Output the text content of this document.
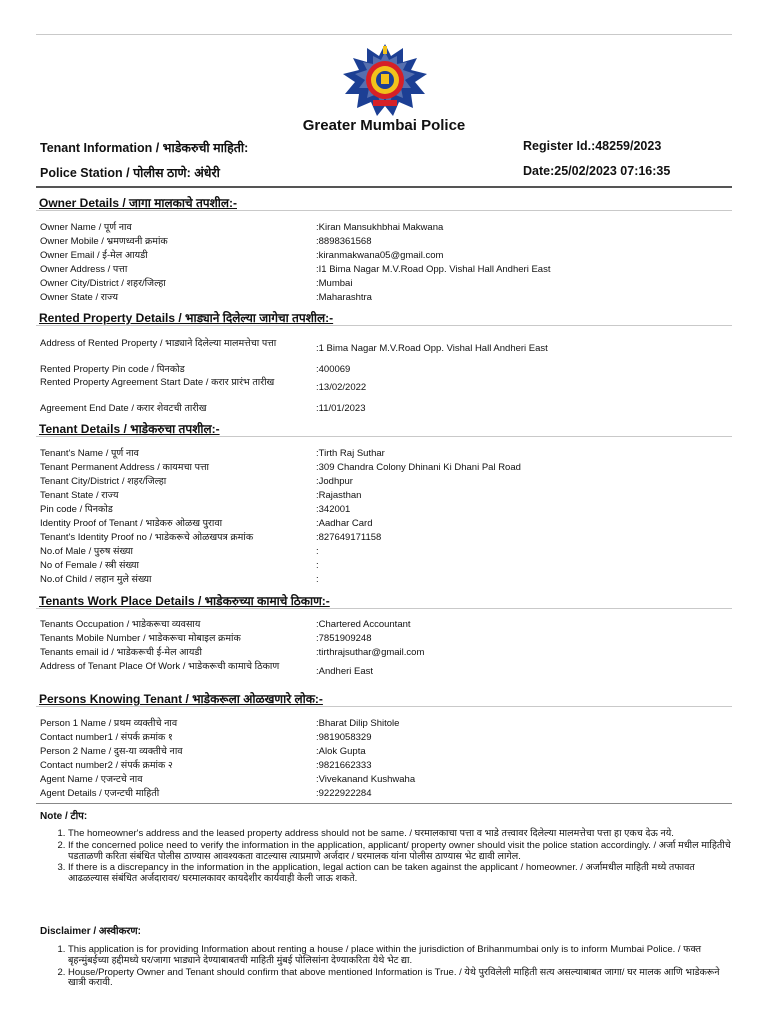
Greater Mumbai Police
Tenant Information / भाडेकरुची माहिती:	Register Id.:48259/2023
Police Station / पोलीस ठाणे: अंधेरी	Date:25/02/2023 07:16:35
Owner Details / जागा मालकाचे तपशील:-
Owner Name / पूर्ण नाव	:Kiran Mansukhbhai Makwana
Owner Mobile / भ्रमणध्वनी क्रमांक	:8898361568
Owner Email / ई-मेल आयडी	:kiranmakwana05@gmail.com
Owner Address / पत्ता	:I1 Bima Nagar M.V.Road Opp. Vishal Hall Andheri East
Owner City/District / शहर/जिल्हा	:Mumbai
Owner State / राज्य	:Maharashtra
Rented Property Details / भाड्याने दिलेल्या जागेचा तपशील:-
Address of Rented Property / भाड्याने दिलेल्या मालमत्तेचा पत्ता	:1 Bima Nagar M.V.Road Opp. Vishal Hall Andheri East
Rented Property Pin code / पिनकोड	:400069
Rented Property Agreement Start Date / करार प्रारंभ तारीख	:13/02/2022
Agreement End Date / करार शेवटची तारीख	:11/01/2023
Tenant Details / भाडेकरुचा तपशील:-
Tenant's Name / पूर्ण नाव	:Tirth Raj Suthar
Tenant Permanent Address / कायमचा पत्ता	:309 Chandra Colony Dhinani Ki Dhani Pal Road
Tenant City/District / शहर/जिल्हा	:Jodhpur
Tenant State / राज्य	:Rajasthan
Pin code / पिनकोड	:342001
Identity Proof of Tenant / भाडेकरु ओळख पुरावा	:Aadhar Card
Tenant's Identity Proof no / भाडेकरूचे ओळखपत्र क्रमांक	:827649171158
No.of Male / पुरुष संख्या	:
No of Female / स्त्री संख्या	:
No.of Child / लहान मुले संख्या	:
Tenants Work Place Details / भाडेकरुच्या कामाचे ठिकाण:-
Tenants Occupation / भाडेकरूचा व्यवसाय	:Chartered Accountant
Tenants Mobile Number / भाडेकरूचा मोबाइल क्रमांक	:7851909248
Tenants email id / भाडेकरूची ई-मेल आयडी	:tirthrajsuthar@gmail.com
Address of Tenant Place Of Work / भाडेकरूची कामाचे ठिकाण	:Andheri East
Persons Knowing Tenant / भाडेकरूला ओळखणारे लोक:-
Person 1 Name / प्रथम व्यक्तीचे नाव	:Bharat Dilip Shitole
Contact number1 / संपर्क क्रमांक १	:9819058329
Person 2 Name / दुस-या व्यक्तीचे नाव	:Alok Gupta
Contact number2 / संपर्क क्रमांक २	:9821662333
Agent Name / एजन्टचे नाव	:Vivekanand Kushwaha
Agent Details / एजन्टची माहिती	:9222922284
Note / टीप:
1. The homeowner's address and the leased property address should not be same. / घरमालकाचा पत्ता व भाडे तत्त्वावर दिलेल्या मालमत्तेचा पत्ता हा एकच देऊ नये.
2. If the concerned police need to verify the information in the application, applicant/ property owner should visit the police station accordingly. / अर्जा मधील माहितीचे पडताळणी करिता संबंधित पोलीस ठाण्यास आवश्यकता वाटल्यास त्याप्रमाणे अर्जदार / घरमालक यांना पोलीस ठाण्यास भेट द्यावी लागेल.
3. If there is a discrepancy in the information in the application, legal action can be taken against the applicant / homeowner. / अर्जामधील माहिती मध्ये तफावत आढळल्यास संबंधित अर्जदारावर/ घरमालकावर कायदेशीर कार्यवाही केली जाऊ शकते.
Disclaimer / अस्वीकरण:
1. This application is for providing Information about renting a house / place within the jurisdiction of Brihanmumbai only is to inform Mumbai Police. / फक्त बृहन्मुंबईच्या हद्दीमध्ये घर/जागा भाड्याने देण्याबाबतची माहिती मुंबई पोलिसांना देण्याकरिता येथे भेट द्या.
2. House/Property Owner and Tenant should confirm that above mentioned Information is True. / येथे पुरविलेली माहिती सत्य असल्याबाबत जागा/ घर मालक आणि भाडेकरूने खात्री करावी.
